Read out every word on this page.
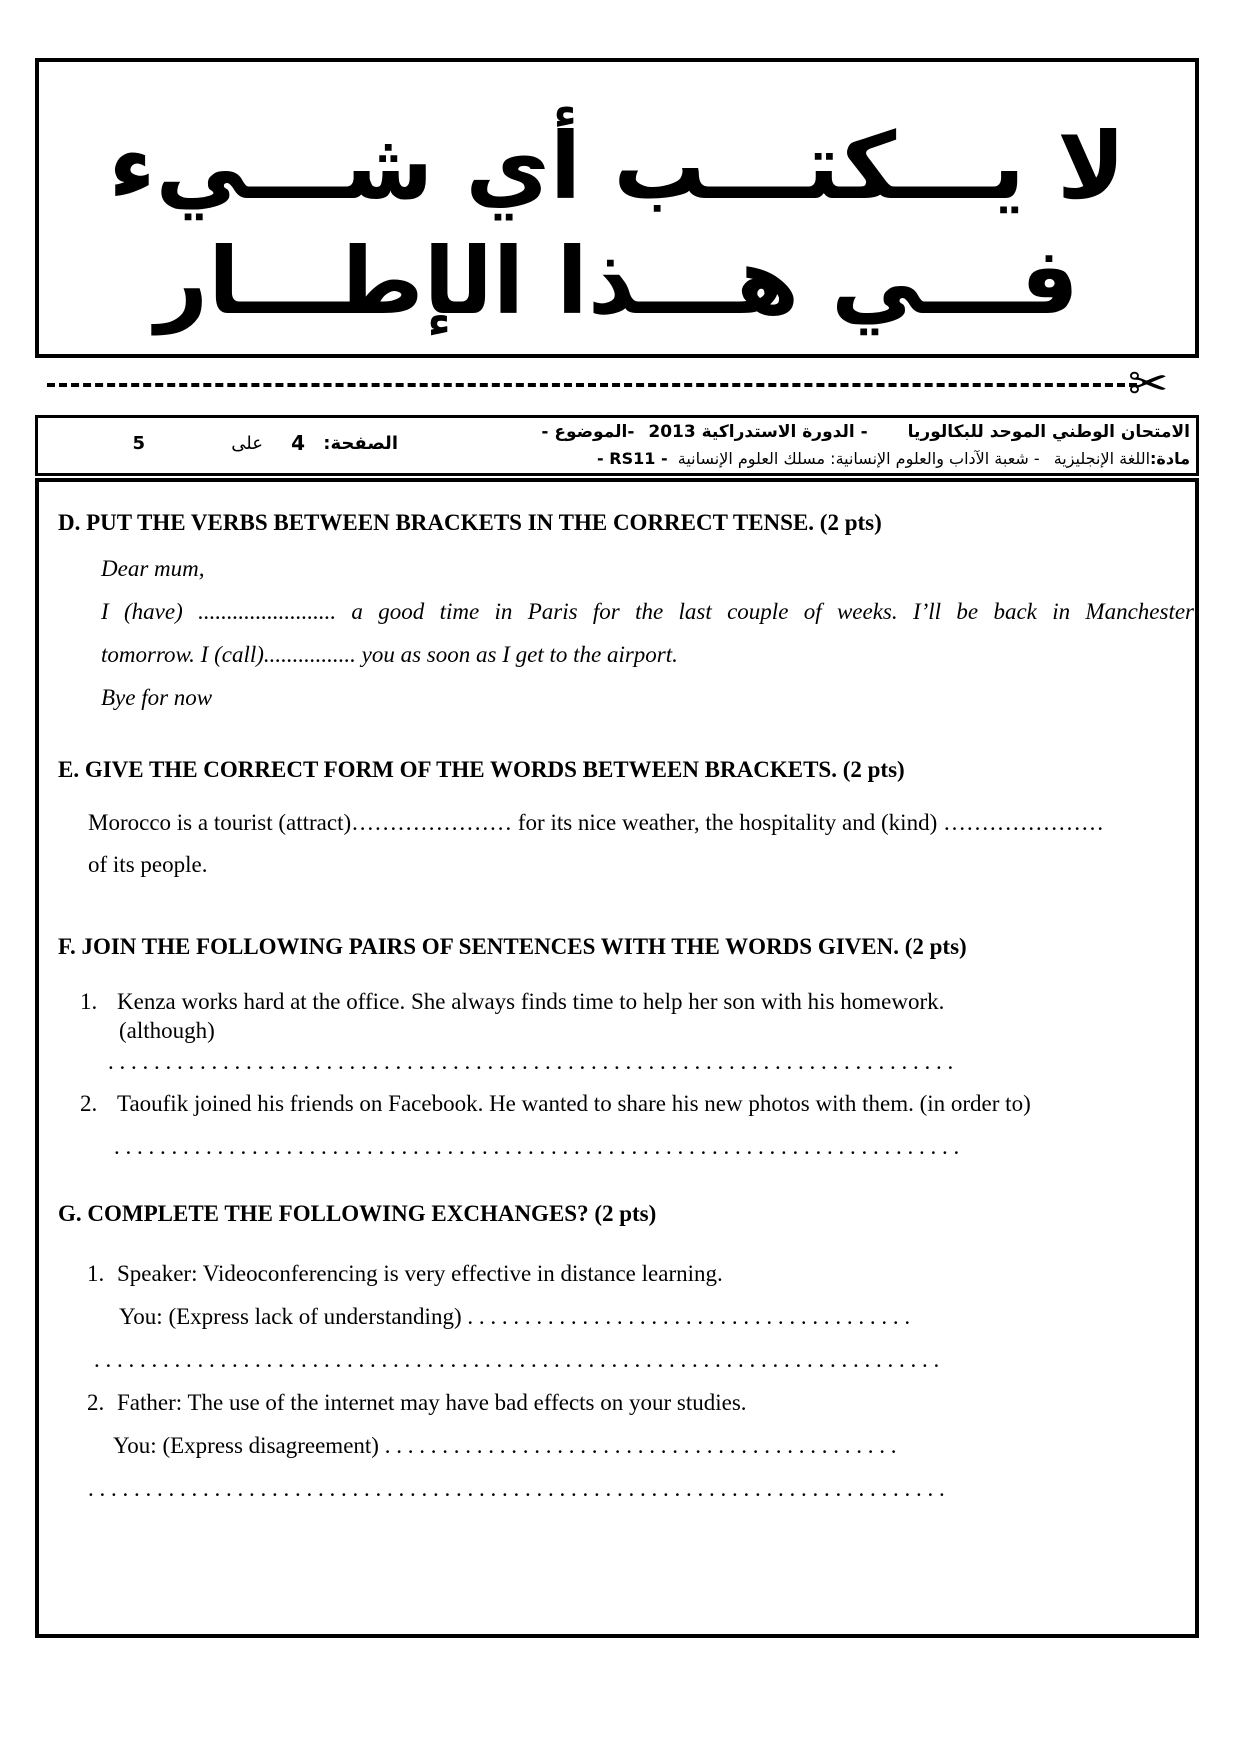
لا يـــكتـــب أي شـــيء
فـــي هـــذا الإطـــار
✂
الامتحان الوطني الموحد للبكالوريا- الدورة الاستدراكية 2013-الموضوع -
مادة:اللغة الإنجليزية- شعبة الآداب والعلوم الإنسانية: مسلك العلوم الإنسانية  - RS11 -
الصفحة:
4
على
5
D. PUT THE VERBS BETWEEN BRACKETS IN THE CORRECT TENSE. (2 pts)
Dear mum,
I (have) ........................ a good time in Paris for the last couple of weeks. I’ll be back in Manchester
tomorrow. I (call)................ you as soon as I get to the airport.
Bye for now
E. GIVE THE CORRECT FORM OF THE WORDS BETWEEN BRACKETS. (2 pts)
Morocco is a tourist (attract)………………… for its nice weather, the hospitality and (kind) …………………
of its people.
F. JOIN THE FOLLOWING PAIRS OF SENTENCES WITH THE WORDS GIVEN. (2 pts)
1. Kenza works hard at the office. She always finds time to help her son with his homework.
(although)
. . . . . . . . . . . . . . . . . . . . . . . . . . . . . . . . . . . . . . . . . . . . . . . . . . . . . . . . . . . . . . . . . . . . . . . . . .
2. Taoufik joined his friends on Facebook. He wanted to share his new photos with them. (in order to)
. . . . . . . . . . . . . . . . . . . . . . . . . . . . . . . . . . . . . . . . . . . . . . . . . . . . . . . . . . . . . . . . . . . . . . . . . .
G. COMPLETE THE FOLLOWING EXCHANGES? (2 pts)
1. Speaker: Videoconferencing is very effective in distance learning.
You: (Express lack of understanding) . . . . . . . . . . . . . . . . . . . . . . . . . . . . . . . . . . . . . . .
. . . . . . . . . . . . . . . . . . . . . . . . . . . . . . . . . . . . . . . . . . . . . . . . . . . . . . . . . . . . . . . . . . . . . . . . . .
2. Father: The use of the internet may have bad effects on your studies.
You: (Express disagreement) . . . . . . . . . . . . . . . . . . . . . . . . . . . . . . . . . . . . . . . . . . . . .
. . . . . . . . . . . . . . . . . . . . . . . . . . . . . . . . . . . . . . . . . . . . . . . . . . . . . . . . . . . . . . . . . . . . . . . . . . .
